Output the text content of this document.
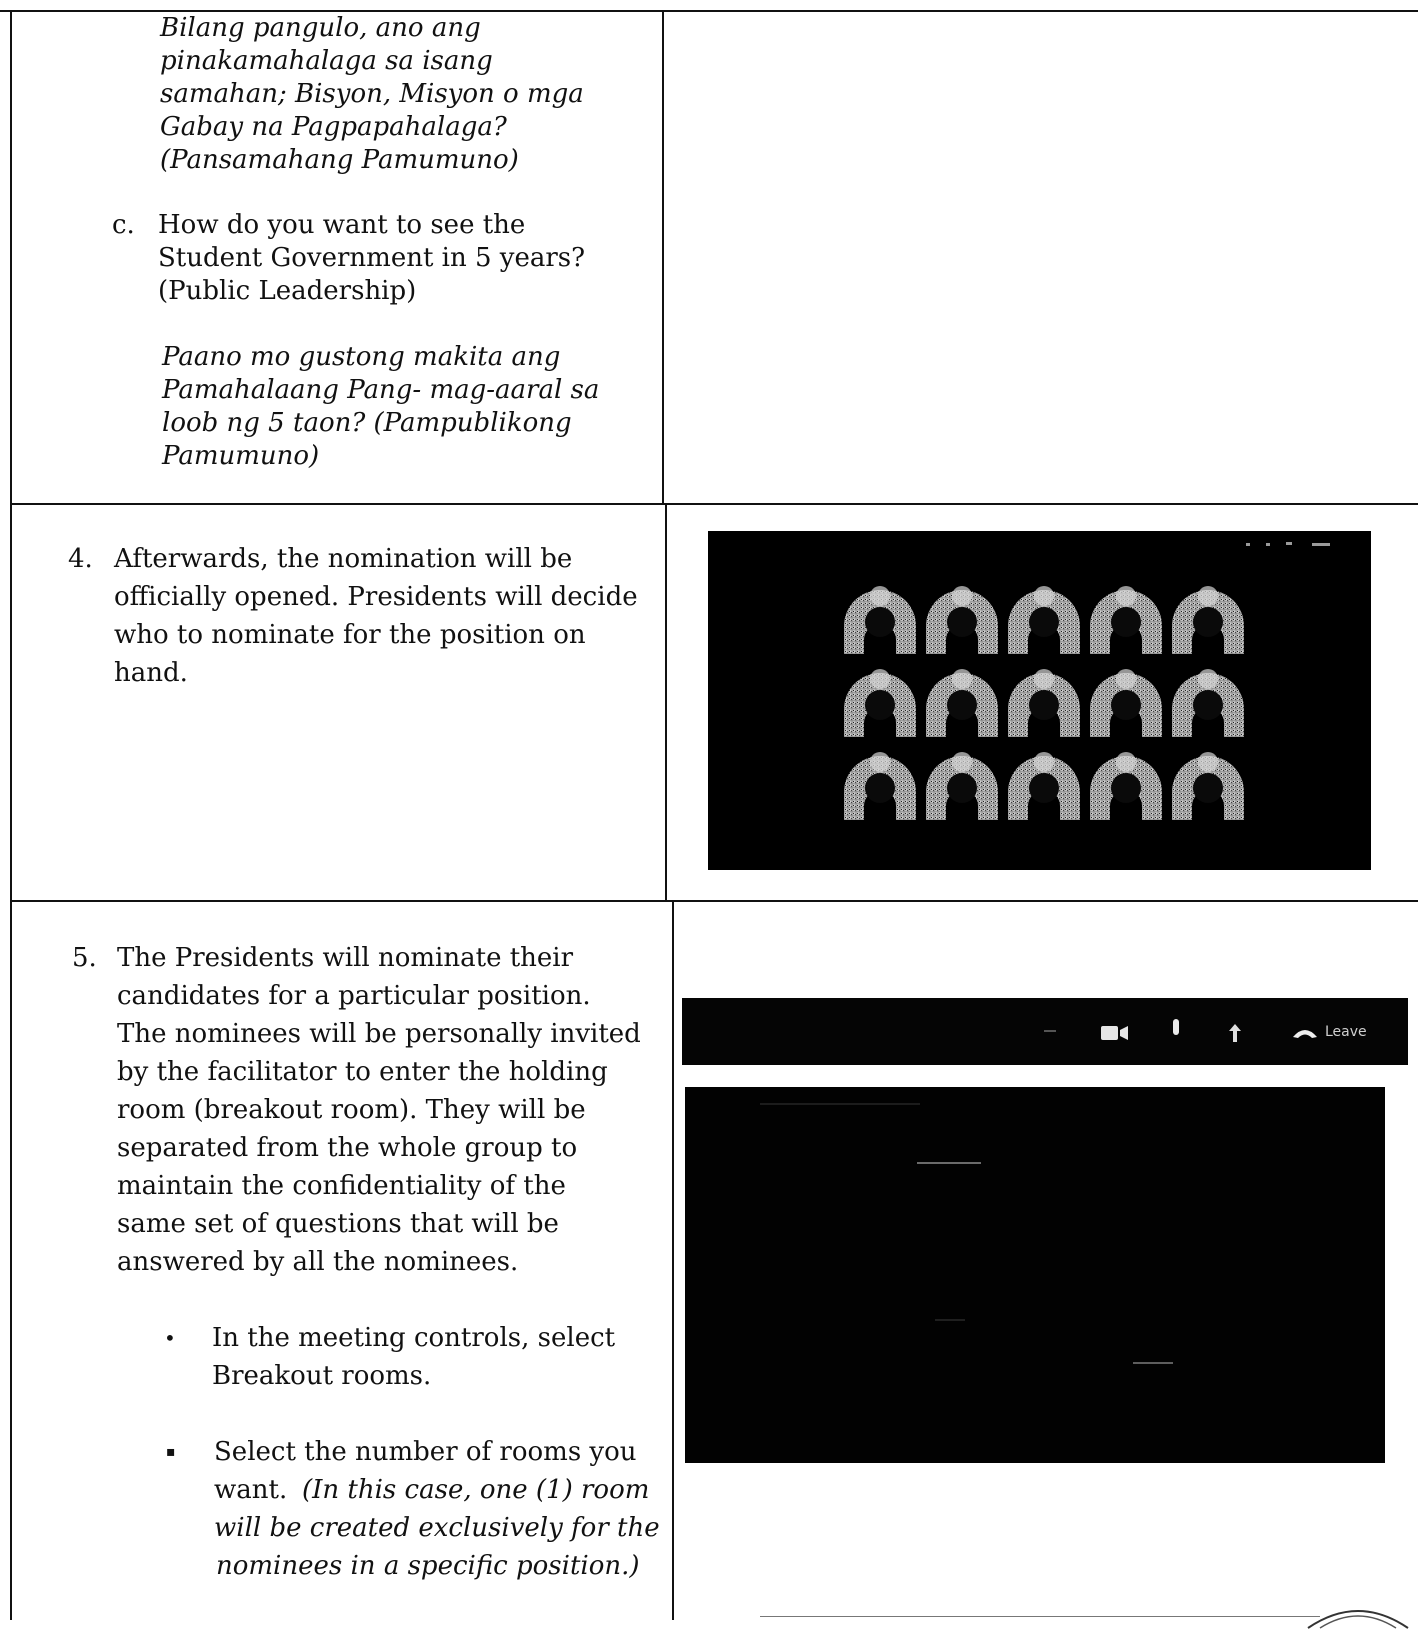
Bilang pangulo, ano ang
pinakamahalaga sa isang
samahan; Bisyon, Misyon o mga
Gabay na Pagpapahalaga?
(Pansamahang Pamumuno)
c. How do you want to see the
Student Government in 5 years?
(Public Leadership)
Paano mo gustong makita ang
Pamahalaang Pang- mag-aaral sa
loob ng 5 taon? (Pampublikong
Pamumuno)
4. Afterwards, the nomination will be
officially opened. Presidents will decide
who to nominate for the position on
hand.
5. The Presidents will nominate their
candidates for a particular position.
The nominees will be personally invited
by the facilitator to enter the holding
room (breakout room). They will be
separated from the whole group to
maintain the confidentiality of the
same set of questions that will be
answered by all the nominees.
• In the meeting controls, select
Breakout rooms.
▪ Select the number of rooms you
want. (In this case, one (1) room
will be created exclusively for the
nominees in a specific position.)
Leave
